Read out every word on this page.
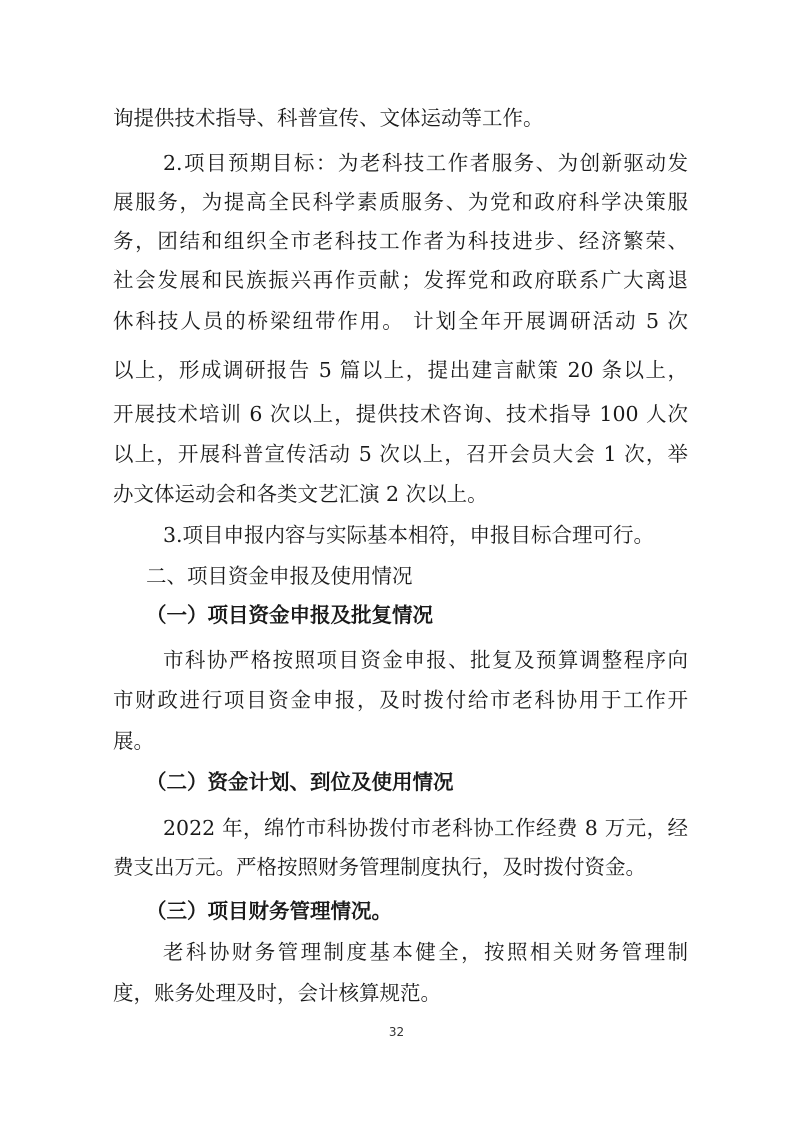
询提供技术指导、科普宣传、文体运动等工作。
2.项目预期目标：为老科技工作者服务、为创新驱动发
展服务，为提高全民科学素质服务、为党和政府科学决策服
务，团结和组织全市老科技工作者为科技进步、经济繁荣、
社会发展和民族振兴再作贡献；发挥党和政府联系广大离退
休科技人员的桥梁纽带作用。 计划全年开展调研活动 5 次
以上，形成调研报告 5 篇以上，提出建言献策 20 条以上，
开展技术培训 6 次以上，提供技术咨询、技术指导 100 人次
以上，开展科普宣传活动 5 次以上，召开会员大会 1 次，举
办文体运动会和各类文艺汇演 2 次以上。
3.项目申报内容与实际基本相符，申报目标合理可行。
二、项目资金申报及使用情况
（一）项目资金申报及批复情况
市科协严格按照项目资金申报、批复及预算调整程序向
市财政进行项目资金申报，及时拨付给市老科协用于工作开
展。
（二）资金计划、到位及使用情况
2022 年，绵竹市科协拨付市老科协工作经费 8 万元，经
费支出万元。严格按照财务管理制度执行，及时拨付资金。
（三）项目财务管理情况。
老科协财务管理制度基本健全，按照相关财务管理制
度，账务处理及时，会计核算规范。
32
